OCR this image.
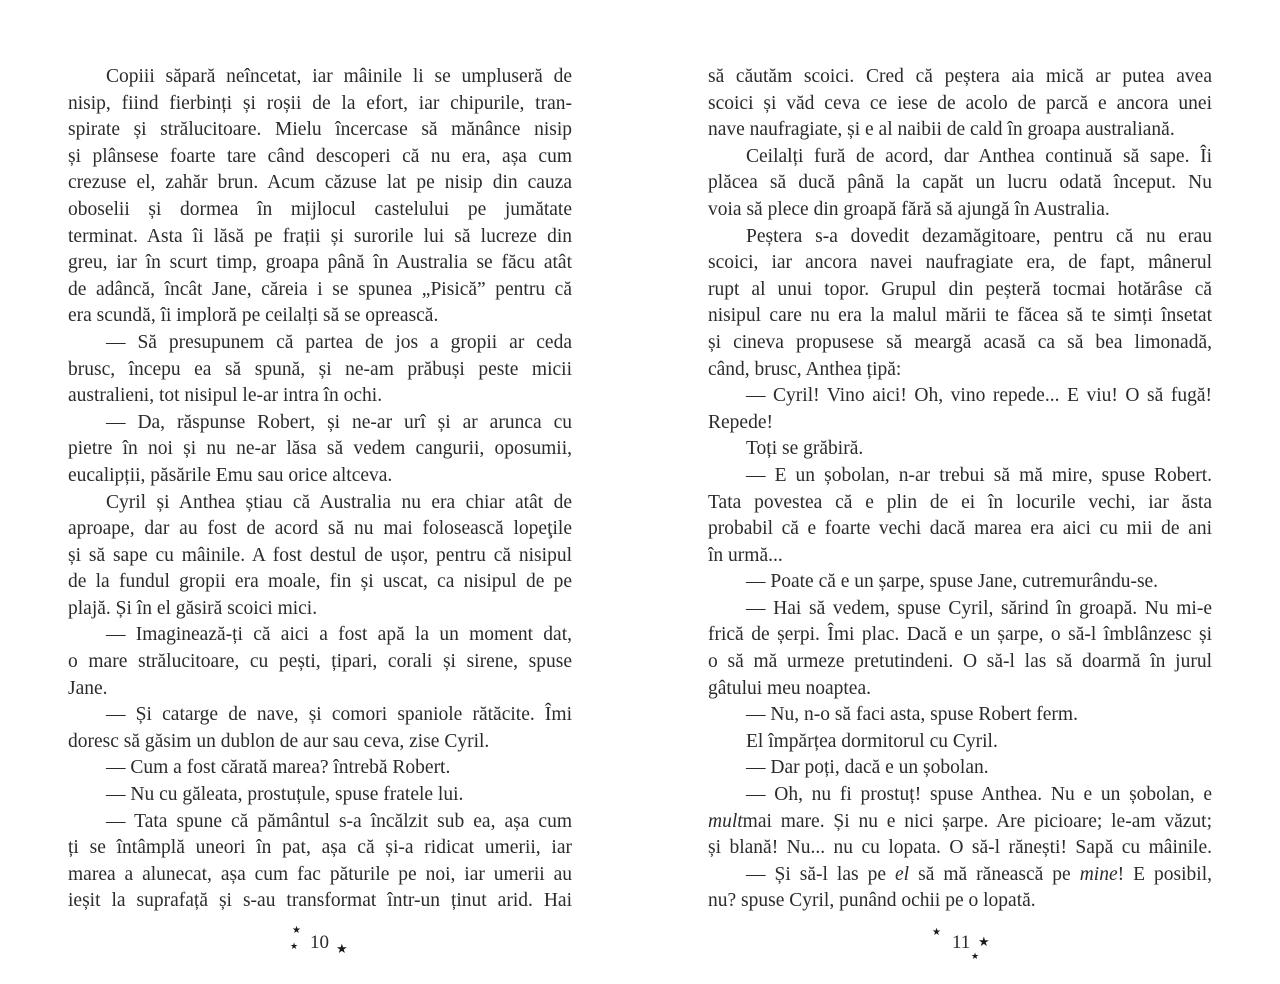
Copiii săpară neîncetat, iar mâinile li se umpluseră de
nisip, fiind fierbinți și roșii de la efort, iar chipurile, tran-
spirate și strălucitoare. Mielu încercase să mănânce nisip
și plânsese foarte tare când descoperi că nu era, așa cum
crezuse el, zahăr brun. Acum căzuse lat pe nisip din cauza
oboselii și dormea în mijlocul castelului pe jumătate
terminat. Asta îi lăsă pe frații și surorile lui să lucreze din
greu, iar în scurt timp, groapa până în Australia se făcu atât
de adâncă, încât Jane, căreia i se spunea „Pisică” pentru că
era scundă, îi imploră pe ceilalți să se oprească.
— Să presupunem că partea de jos a gropii ar ceda
brusc, începu ea să spună, și ne-am prăbuși peste micii
australieni, tot nisipul le-ar intra în ochi.
— Da, răspunse Robert, și ne-ar urî și ar arunca cu
pietre în noi și nu ne-ar lăsa să vedem cangurii, oposumii,
eucalipții, păsările Emu sau orice altceva.
Cyril și Anthea știau că Australia nu era chiar atât de
aproape, dar au fost de acord să nu mai folosească lopeţile
și să sape cu mâinile. A fost destul de ușor, pentru că nisipul
de la fundul gropii era moale, fin și uscat, ca nisipul de pe
plajă. Și în el găsiră scoici mici.
— Imaginează-ți că aici a fost apă la un moment dat,
o mare strălucitoare, cu pești, țipari, corali și sirene, spuse
Jane.
— Și catarge de nave, și comori spaniole rătăcite. Îmi
doresc să găsim un dublon de aur sau ceva, zise Cyril.
— Cum a fost cărată marea? întrebă Robert.
— Nu cu găleata, prostuțule, spuse fratele lui.
— Tata spune că pământul s-a încălzit sub ea, așa cum
ți se întâmplă uneori în pat, așa că și-a ridicat umerii, iar
marea a alunecat, așa cum fac păturile pe noi, iar umerii au
ieșit la suprafață și s-au transformat într-un ținut arid. Hai
★
★ 10 ★
să căutăm scoici. Cred că peștera aia mică ar putea avea
scoici și văd ceva ce iese de acolo de parcă e ancora unei
nave naufragiate, și e al naibii de cald în groapa australiană.
Ceilalți fură de acord, dar Anthea continuă să sape. Îi
plăcea să ducă până la capăt un lucru odată început. Nu
voia să plece din groapă fără să ajungă în Australia.
Peștera s-a dovedit dezamăgitoare, pentru că nu erau
scoici, iar ancora navei naufragiate era, de fapt, mânerul
rupt al unui topor. Grupul din peșteră tocmai hotărâse că
nisipul care nu era la malul mării te făcea să te simți însetat
și cineva propusese să meargă acasă ca să bea limonadă,
când, brusc, Anthea țipă:
— Cyril! Vino aici! Oh, vino repede... E viu! O să fugă!
Repede!
Toți se grăbiră.
— E un șobolan, n-ar trebui să mă mire, spuse Robert.
Tata povestea că e plin de ei în locurile vechi, iar ăsta
probabil că e foarte vechi dacă marea era aici cu mii de ani
în urmă...
— Poate că e un șarpe, spuse Jane, cutremurându-se.
— Hai să vedem, spuse Cyril, sărind în groapă. Nu mi-e
frică de șerpi. Îmi plac. Dacă e un șarpe, o să-l îmblânzesc și
o să mă urmeze pretutindeni. O să-l las să doarmă în jurul
gâtului meu noaptea.
— Nu, n-o să faci asta, spuse Robert ferm.
El împărțea dormitorul cu Cyril.
— Dar poți, dacă e un șobolan.
— Oh, nu fi prostuț! spuse Anthea. Nu e un șobolan, e
multmai mare. Și nu e nici șarpe. Are picioare; le-am văzut;
și blană! Nu... nu cu lopata. O să-l rănești! Sapă cu mâinile.
— Și să-l las pe el să mă rănească pe mine! E posibil,
nu? spuse Cyril, punând ochii pe o lopată.
★ 11 ★
★
